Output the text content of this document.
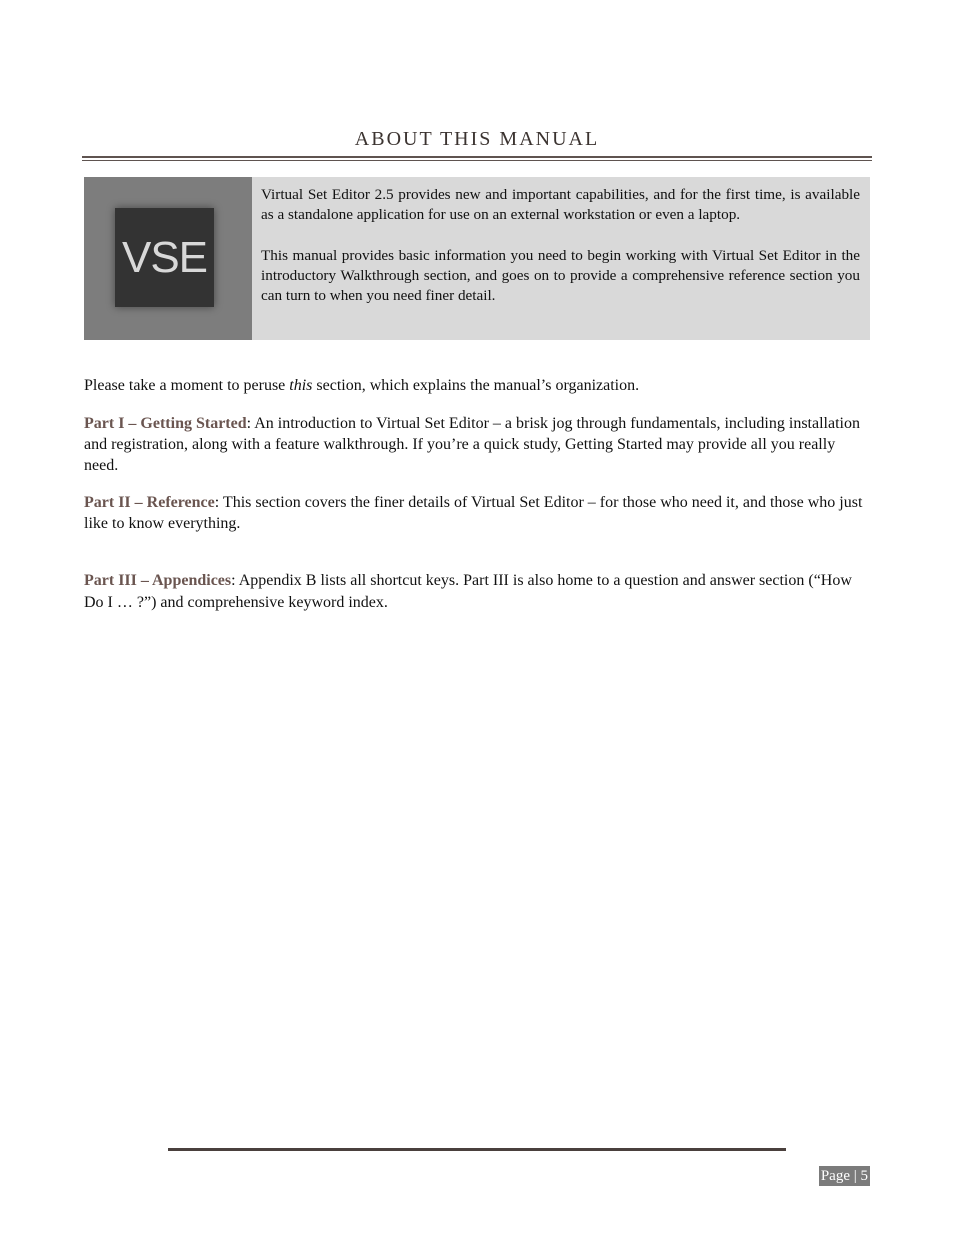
ABOUT THIS MANUAL
VSE

Virtual Set Editor 2.5 provides new and important capabilities, and for the first time, is available as a standalone application for use on an external workstation or even a laptop.

This manual provides basic information you need to begin working with Virtual Set Editor in the introductory Walkthrough section, and goes on to provide a comprehensive reference section you can turn to when you need finer detail.

Please take a moment to peruse this section, which explains the manual’s organization.
Part I – Getting Started: An introduction to Virtual Set Editor – a brisk jog through fundamentals, including installation and registration, along with a feature walkthrough. If you’re a quick study, Getting Started may provide all you really need.
Part II – Reference: This section covers the finer details of Virtual Set Editor – for those who need it, and those who just like to know everything.
Part III – Appendices: Appendix B lists all shortcut keys. Part III is also home to a question and answer section (“How Do I … ?”) and comprehensive keyword index.
Page | 5
